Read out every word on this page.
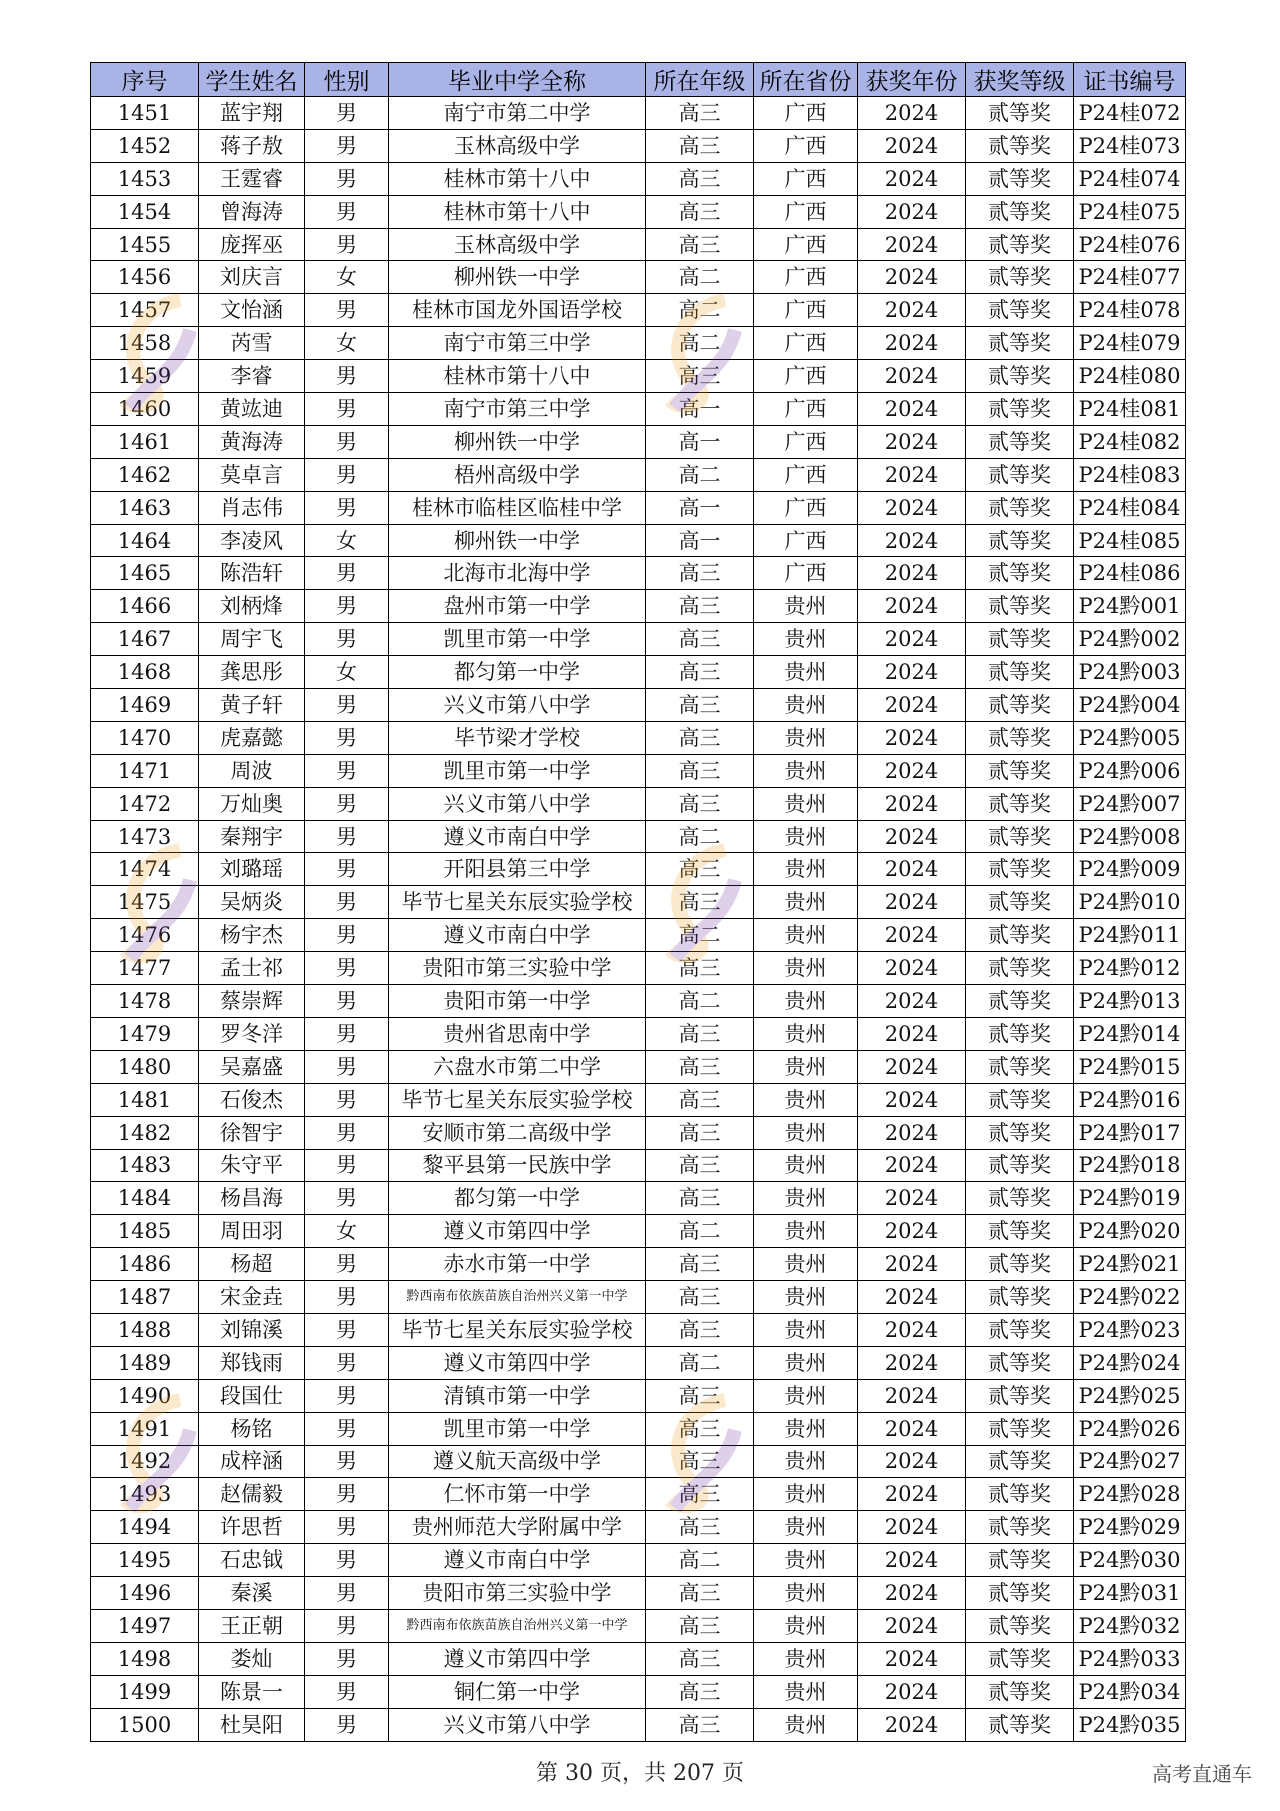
序号	学生姓名	性别	毕业中学全称	所在年级	所在省份	获奖年份	获奖等级	证书编号
1451	蓝宇翔	男	南宁市第二中学	高三	广西	2024	贰等奖	P24桂072
1452	蒋子敖	男	玉林高级中学	高三	广西	2024	贰等奖	P24桂073
1453	王霆睿	男	桂林市第十八中	高三	广西	2024	贰等奖	P24桂074
1454	曾海涛	男	桂林市第十八中	高三	广西	2024	贰等奖	P24桂075
1455	庞挥巫	男	玉林高级中学	高三	广西	2024	贰等奖	P24桂076
1456	刘庆言	女	柳州铁一中学	高二	广西	2024	贰等奖	P24桂077
1457	文怡涵	男	桂林市国龙外国语学校	高二	广西	2024	贰等奖	P24桂078
1458	芮雪	女	南宁市第三中学	高二	广西	2024	贰等奖	P24桂079
1459	李睿	男	桂林市第十八中	高三	广西	2024	贰等奖	P24桂080
1460	黄竑迪	男	南宁市第三中学	高一	广西	2024	贰等奖	P24桂081
1461	黄海涛	男	柳州铁一中学	高一	广西	2024	贰等奖	P24桂082
1462	莫卓言	男	梧州高级中学	高二	广西	2024	贰等奖	P24桂083
1463	肖志伟	男	桂林市临桂区临桂中学	高一	广西	2024	贰等奖	P24桂084
1464	李凌风	女	柳州铁一中学	高一	广西	2024	贰等奖	P24桂085
1465	陈浩轩	男	北海市北海中学	高三	广西	2024	贰等奖	P24桂086
1466	刘柄烽	男	盘州市第一中学	高三	贵州	2024	贰等奖	P24黔001
1467	周宇飞	男	凯里市第一中学	高三	贵州	2024	贰等奖	P24黔002
1468	龚思彤	女	都匀第一中学	高三	贵州	2024	贰等奖	P24黔003
1469	黄子轩	男	兴义市第八中学	高三	贵州	2024	贰等奖	P24黔004
1470	虎嘉懿	男	毕节梁才学校	高三	贵州	2024	贰等奖	P24黔005
1471	周波	男	凯里市第一中学	高三	贵州	2024	贰等奖	P24黔006
1472	万灿奥	男	兴义市第八中学	高三	贵州	2024	贰等奖	P24黔007
1473	秦翔宇	男	遵义市南白中学	高二	贵州	2024	贰等奖	P24黔008
1474	刘璐瑶	男	开阳县第三中学	高三	贵州	2024	贰等奖	P24黔009
1475	吴炳炎	男	毕节七星关东辰实验学校	高三	贵州	2024	贰等奖	P24黔010
1476	杨宇杰	男	遵义市南白中学	高二	贵州	2024	贰等奖	P24黔011
1477	孟士祁	男	贵阳市第三实验中学	高三	贵州	2024	贰等奖	P24黔012
1478	蔡崇辉	男	贵阳市第一中学	高二	贵州	2024	贰等奖	P24黔013
1479	罗冬洋	男	贵州省思南中学	高三	贵州	2024	贰等奖	P24黔014
1480	吴嘉盛	男	六盘水市第二中学	高三	贵州	2024	贰等奖	P24黔015
1481	石俊杰	男	毕节七星关东辰实验学校	高三	贵州	2024	贰等奖	P24黔016
1482	徐智宇	男	安顺市第二高级中学	高三	贵州	2024	贰等奖	P24黔017
1483	朱守平	男	黎平县第一民族中学	高三	贵州	2024	贰等奖	P24黔018
1484	杨昌海	男	都匀第一中学	高三	贵州	2024	贰等奖	P24黔019
1485	周田羽	女	遵义市第四中学	高二	贵州	2024	贰等奖	P24黔020
1486	杨超	男	赤水市第一中学	高三	贵州	2024	贰等奖	P24黔021
1487	宋金垚	男	黔西南布依族苗族自治州兴义第一中学	高三	贵州	2024	贰等奖	P24黔022
1488	刘锦溪	男	毕节七星关东辰实验学校	高三	贵州	2024	贰等奖	P24黔023
1489	郑钱雨	男	遵义市第四中学	高二	贵州	2024	贰等奖	P24黔024
1490	段国仕	男	清镇市第一中学	高三	贵州	2024	贰等奖	P24黔025
1491	杨铭	男	凯里市第一中学	高三	贵州	2024	贰等奖	P24黔026
1492	成梓涵	男	遵义航天高级中学	高三	贵州	2024	贰等奖	P24黔027
1493	赵儒毅	男	仁怀市第一中学	高三	贵州	2024	贰等奖	P24黔028
1494	许思哲	男	贵州师范大学附属中学	高三	贵州	2024	贰等奖	P24黔029
1495	石忠钺	男	遵义市南白中学	高二	贵州	2024	贰等奖	P24黔030
1496	秦溪	男	贵阳市第三实验中学	高三	贵州	2024	贰等奖	P24黔031
1497	王正朝	男	黔西南布依族苗族自治州兴义第一中学	高三	贵州	2024	贰等奖	P24黔032
1498	娄灿	男	遵义市第四中学	高三	贵州	2024	贰等奖	P24黔033
1499	陈景一	男	铜仁第一中学	高三	贵州	2024	贰等奖	P24黔034
1500	杜昊阳	男	兴义市第八中学	高三	贵州	2024	贰等奖	P24黔035
第 30 页，共 207 页	高考直通车
